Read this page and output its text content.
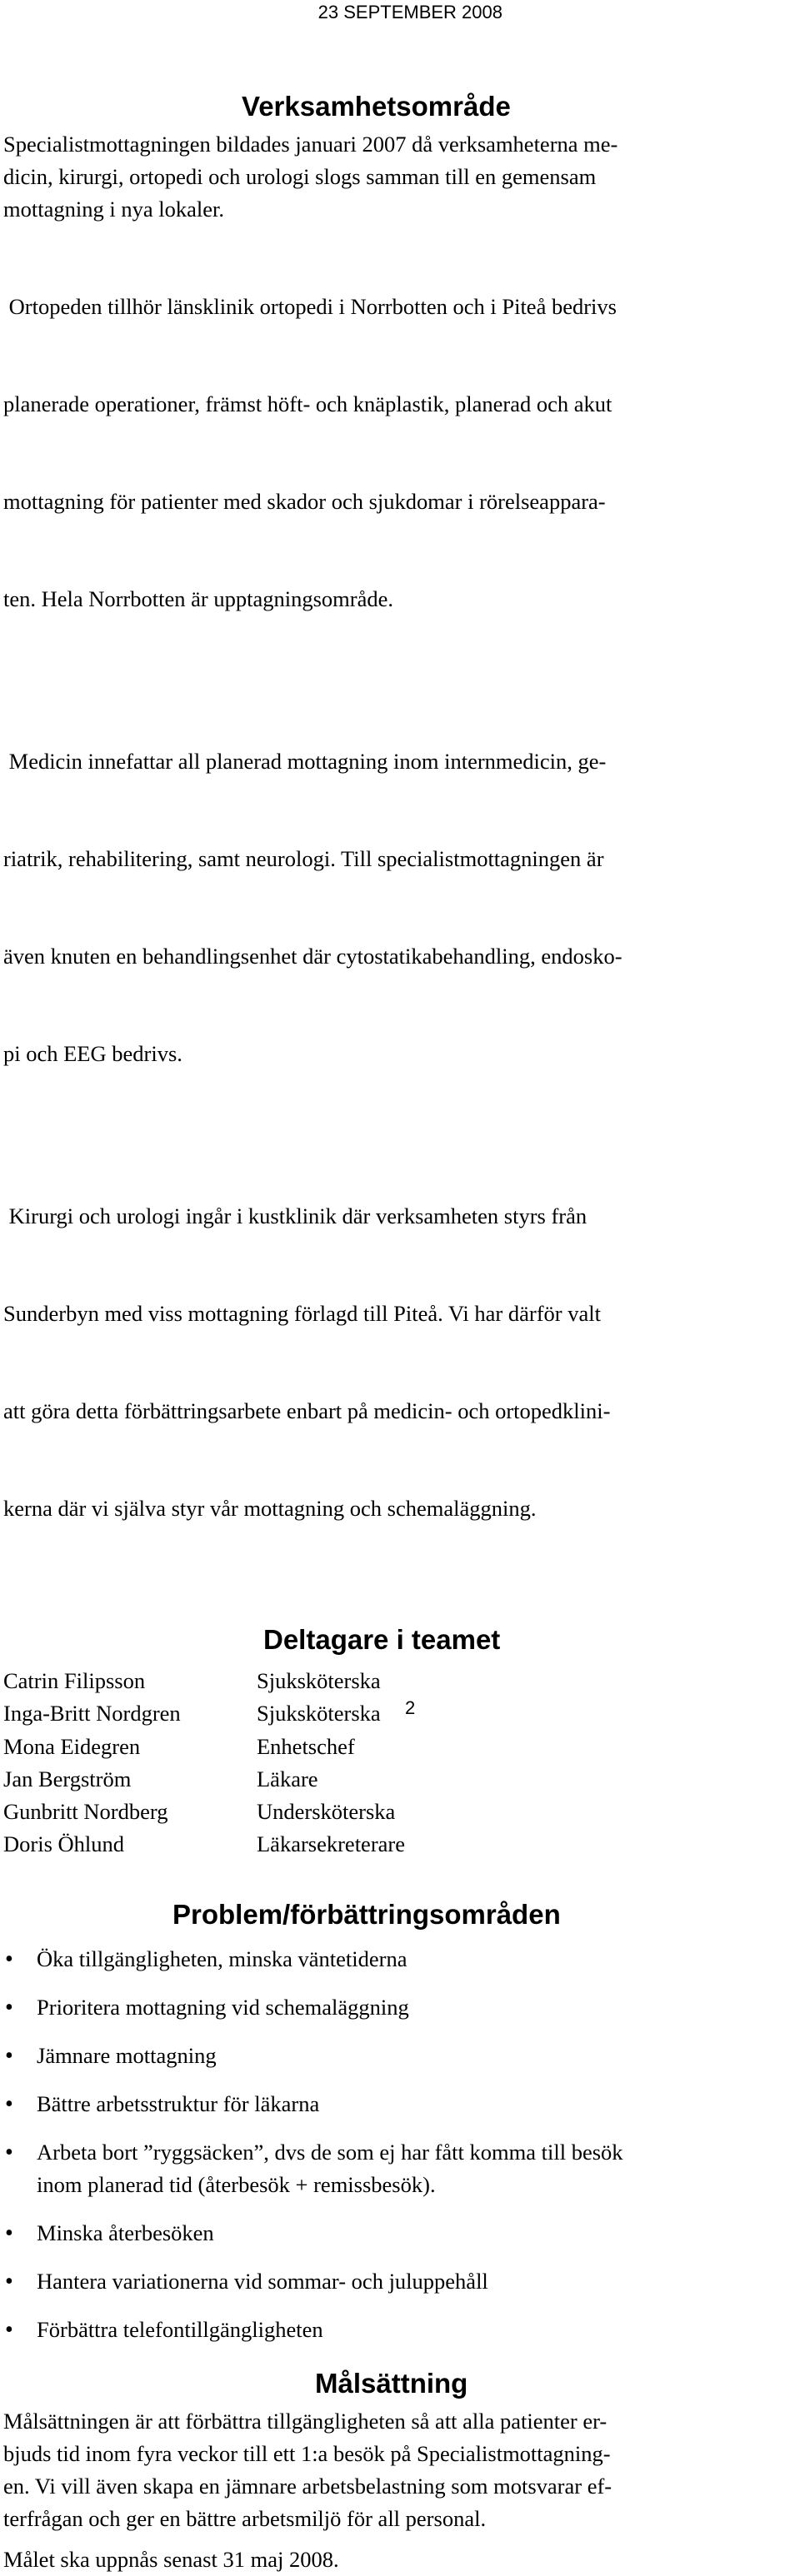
23 SEPTEMBER 2008
Verksamhetsområde
Specialistmottagningen bildades januari 2007 då verksamheterna me-
dicin, kirurgi, ortopedi och urologi slogs samman till en gemensam
mottagning i nya lokaler.

Ortopeden tillhör länsklinik ortopedi i Norrbotten och i Piteå bedrivs

planerade operationer, främst höft- och knäplastik, planerad och akut

mottagning för patienter med skador och sjukdomar i rörelseappara-

ten. Hela Norrbotten är upptagningsområde.

Medicin innefattar all planerad mottagning inom internmedicin, ge-

riatrik, rehabilitering, samt neurologi. Till specialistmottagningen är

även knuten en behandlingsenhet där cytostatikabehandling, endosko-

pi och EEG bedrivs.

Kirurgi och urologi ingår i kustklinik där verksamheten styrs från

Sunderbyn med viss mottagning förlagd till Piteå. Vi har därför valt

att göra detta förbättringsarbete enbart på medicin- och ortopedklini-

kerna där vi själva styr vår mottagning och schemaläggning.

Deltagare i teamet
Catrin Filipsson	Sjuksköterska
Inga-Britt Nordgren	Sjuksköterska
Mona Eidegren	Enhetschef
Jan Bergström	Läkare
Gunbritt Nordberg	Undersköterska
Doris Öhlund	Läkarsekreterare
Problem/förbättringsområden
• Öka tillgängligheten, minska väntetiderna
• Prioritera mottagning vid schemaläggning
• Jämnare mottagning
• Bättre arbetsstruktur för läkarna
• Arbeta bort ”ryggsäcken”, dvs de som ej har fått komma till besök
inom planerad tid (återbesök + remissbesök).
• Minska återbesöken
• Hantera variationerna vid sommar- och juluppehåll
• Förbättra telefontillgängligheten
Målsättning
Målsättningen är att förbättra tillgängligheten så att alla patienter er-
bjuds tid inom fyra veckor till ett 1:a besök på Specialistmottagning-
en. Vi vill även skapa en jämnare arbetsbelastning som motsvarar ef-
terfrågan och ger en bättre arbetsmiljö för all personal.
Målet ska uppnås senast 31 maj 2008.
2
